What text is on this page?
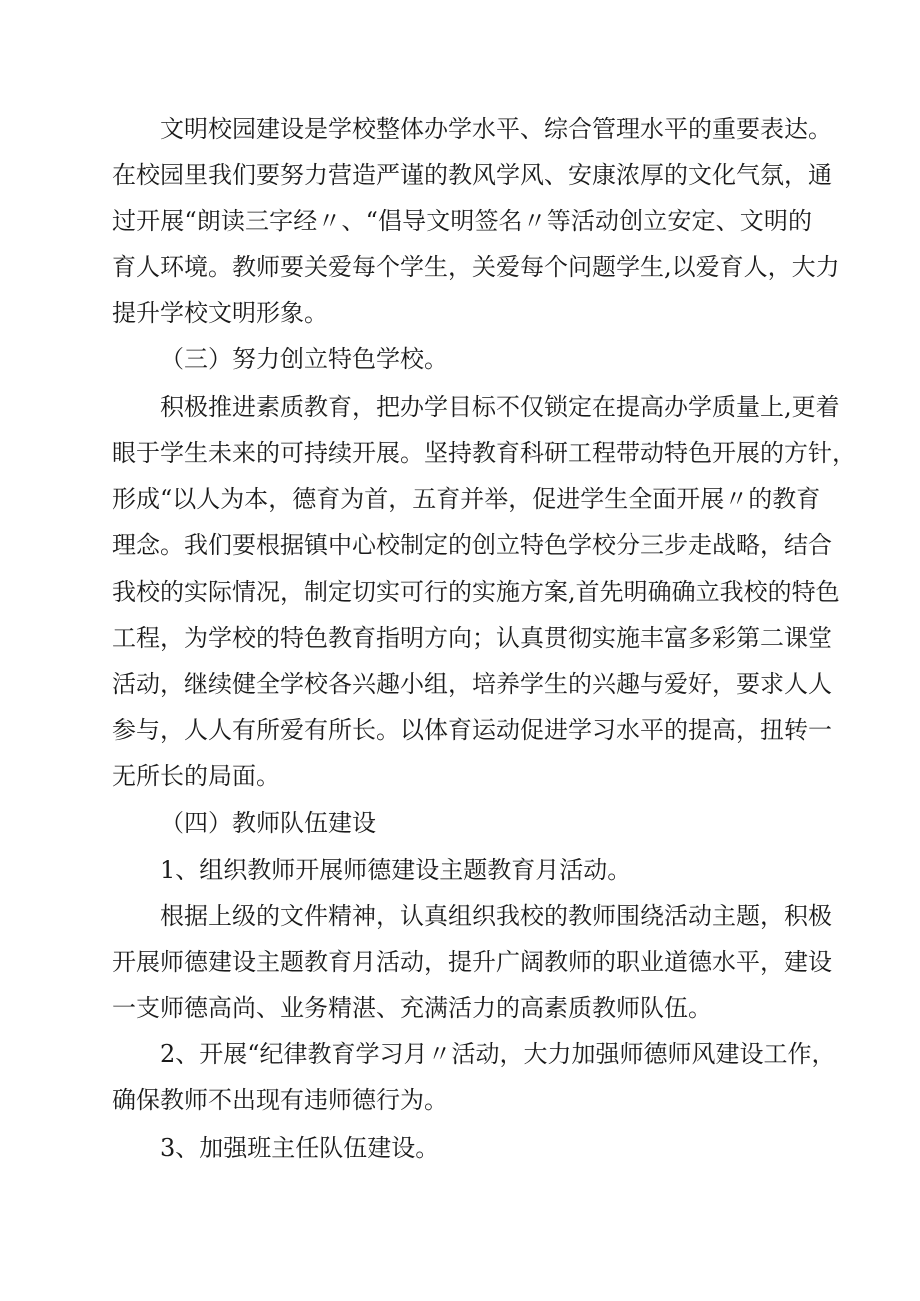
文明校园建设是学校整体办学水平、综合管理水平的重要表达。
在校园里我们要努力营造严谨的教风学风、安康浓厚的文化气氛，通
过开展“朗读三字经〃、“倡导文明签名〃等活动创立安定、文明的
育人环境。教师要关爱每个学生，关爱每个问题学生,以爱育人，大力
提升学校文明形象。
（三）努力创立特色学校。
积极推进素质教育，把办学目标不仅锁定在提高办学质量上,更着
眼于学生未来的可持续开展。坚持教育科研工程带动特色开展的方针，
形成“以人为本，德育为首，五育并举，促进学生全面开展〃的教育
理念。我们要根据镇中心校制定的创立特色学校分三步走战略，结合
我校的实际情况，制定切实可行的实施方案,首先明确确立我校的特色
工程，为学校的特色教育指明方向；认真贯彻实施丰富多彩第二课堂
活动，继续健全学校各兴趣小组，培养学生的兴趣与爱好，要求人人
参与，人人有所爱有所长。以体育运动促进学习水平的提高，扭转一
无所长的局面。
（四）教师队伍建设
1、组织教师开展师德建设主题教育月活动。
根据上级的文件精神，认真组织我校的教师围绕活动主题，积极
开展师德建设主题教育月活动，提升广阔教师的职业道德水平，建设
一支师德高尚、业务精湛、充满活力的高素质教师队伍。
2、开展“纪律教育学习月〃活动，大力加强师德师风建设工作，
确保教师不出现有违师德行为。
3、加强班主任队伍建设。
